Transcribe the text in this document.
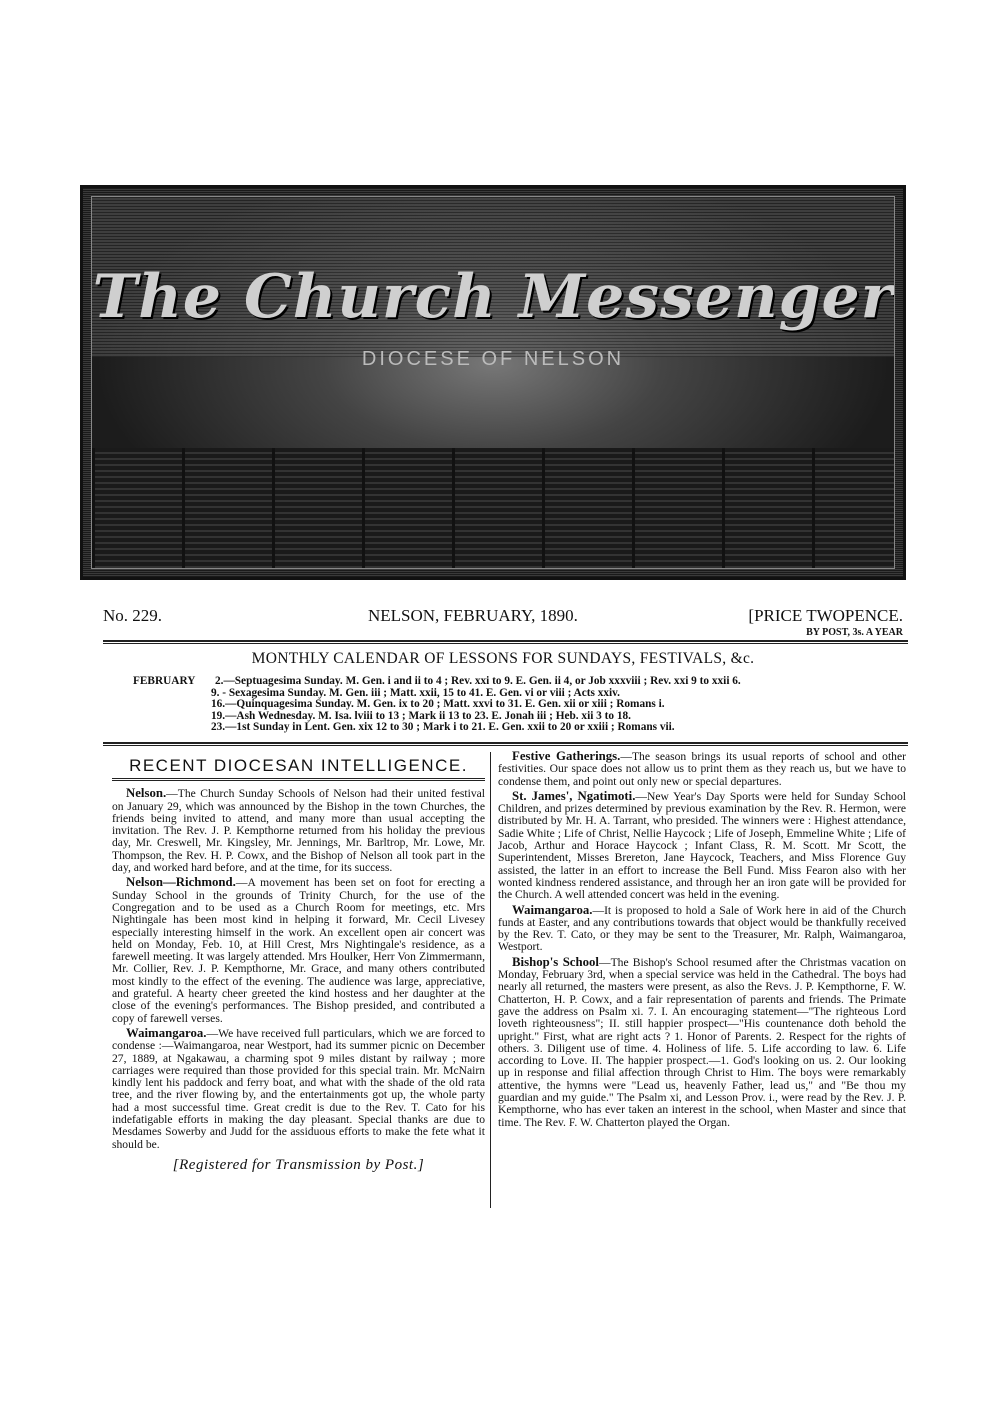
The Church Messenger
DIOCESE OF NELSON
No. 229.	NELSON, FEBRUARY, 1890.	[PRICE TWOPENCE.
BY POST, 3s. A YEAR
MONTHLY CALENDAR OF LESSONS FOR SUNDAYS, FESTIVALS, &c.
FEBRUARY 2.—Septuagesima Sunday. M. Gen. i and ii to 4 ; Rev. xxi to 9. E. Gen. ii 4, or Job xxxviii ; Rev. xxi 9 to xxii 6.
9. - Sexagesima Sunday. M. Gen. iii ; Matt. xxii, 15 to 41. E. Gen. vi or viii ; Acts xxiv.
16.—Quinquagesima Sunday. M. Gen. ix to 20 ; Matt. xxvi to 31. E. Gen. xii or xiii ; Romans i.
19.—Ash Wednesday. M. Isa. lviii to 13 ; Mark ii 13 to 23. E. Jonah iii ; Heb. xii 3 to 18.
23.—1st Sunday in Lent. Gen. xix 12 to 30 ; Mark i to 21. E. Gen. xxii to 20 or xxiii ; Romans vii.
RECENT DIOCESAN INTELLIGENCE.
Nelson.—The Church Sunday Schools of Nelson had their united festival on January 29, which was announced by the Bishop in the town Churches, the friends being invited to attend, and many more than usual accepting the invitation. The Rev. J. P. Kempthorne returned from his holiday the previous day, Mr. Creswell, Mr. Kingsley, Mr. Jennings, Mr. Barltrop, Mr. Lowe, Mr. Thompson, the Rev. H. P. Cowx, and the Bishop of Nelson all took part in the day, and worked hard before, and at the time, for its success.
Nelson—Richmond.—A movement has been set on foot for erecting a Sunday School in the grounds of Trinity Church, for the use of the Congregation and to be used as a Church Room for meetings, etc. Mrs Nightingale has been most kind in helping it forward, Mr. Cecil Livesey especially interesting himself in the work. An excellent open air concert was held on Monday, Feb. 10, at Hill Crest, Mrs Nightingale's residence, as a farewell meeting. It was largely attended. Mrs Houlker, Herr Von Zimmermann, Mr. Collier, Rev. J. P. Kempthorne, Mr. Grace, and many others contributed most kindly to the effect of the evening. The audience was large, appreciative, and grateful. A hearty cheer greeted the kind hostess and her daughter at the close of the evening's performances. The Bishop presided, and contributed a copy of farewell verses.
Waimangaroa.—We have received full particulars, which we are forced to condense :—Waimangaroa, near Westport, had its summer picnic on December 27, 1889, at Ngakawau, a charming spot 9 miles distant by railway ; more carriages were required than those provided for this special train. Mr. McNairn kindly lent his paddock and ferry boat, and what with the shade of the old rata tree, and the river flowing by, and the entertainments got up, the whole party had a most successful time. Great credit is due to the Rev. T. Cato for his indefatigable efforts in making the day pleasant. Special thanks are due to Mesdames Sowerby and Judd for the assiduous efforts to make the fete what it should be.
[Registered for Transmission by Post.]
Festive Gatherings.—The season brings its usual reports of school and other festivities. Our space does not allow us to print them as they reach us, but we have to condense them, and point out only new or special departures.
St. James', Ngatimoti.—New Year's Day Sports were held for Sunday School Children, and prizes determined by previous examination by the Rev. R. Hermon, were distributed by Mr. H. A. Tarrant, who presided. The winners were : Highest attendance, Sadie White ; Life of Christ, Nellie Haycock ; Life of Joseph, Emmeline White ; Life of Jacob, Arthur and Horace Haycock ; Infant Class, R. M. Scott. Mr Scott, the Superintendent, Misses Brereton, Jane Haycock, Teachers, and Miss Florence Guy assisted, the latter in an effort to increase the Bell Fund. Miss Fearon also with her wonted kindness rendered assistance, and through her an iron gate will be provided for the Church. A well attended concert was held in the evening.
Waimangaroa.—It is proposed to hold a Sale of Work here in aid of the Church funds at Easter, and any contributions towards that object would be thankfully received by the Rev. T. Cato, or they may be sent to the Treasurer, Mr. Ralph, Waimangaroa, Westport.
Bishop's School—The Bishop's School resumed after the Christmas vacation on Monday, February 3rd, when a special service was held in the Cathedral. The boys had nearly all returned, the masters were present, as also the Revs. J. P. Kempthorne, F. W. Chatterton, H. P. Cowx, and a fair representation of parents and friends. The Primate gave the address on Psalm xi. 7. I. An encouraging statement—"The righteous Lord loveth righteousness"; II. still happier prospect—"His countenance doth behold the upright." First, what are right acts ? 1. Honor of Parents. 2. Respect for the rights of others. 3. Diligent use of time. 4. Holiness of life. 5. Life according to law. 6. Life according to Love. II. The happier prospect.—1. God's looking on us. 2. Our looking up in response and filial affection through Christ to Him. The boys were remarkably attentive, the hymns were "Lead us, heavenly Father, lead us," and "Be thou my guardian and my guide." The Psalm xi, and Lesson Prov. i., were read by the Rev. J. P. Kempthorne, who has ever taken an interest in the school, when Master and since that time. The Rev. F. W. Chatterton played the Organ.
